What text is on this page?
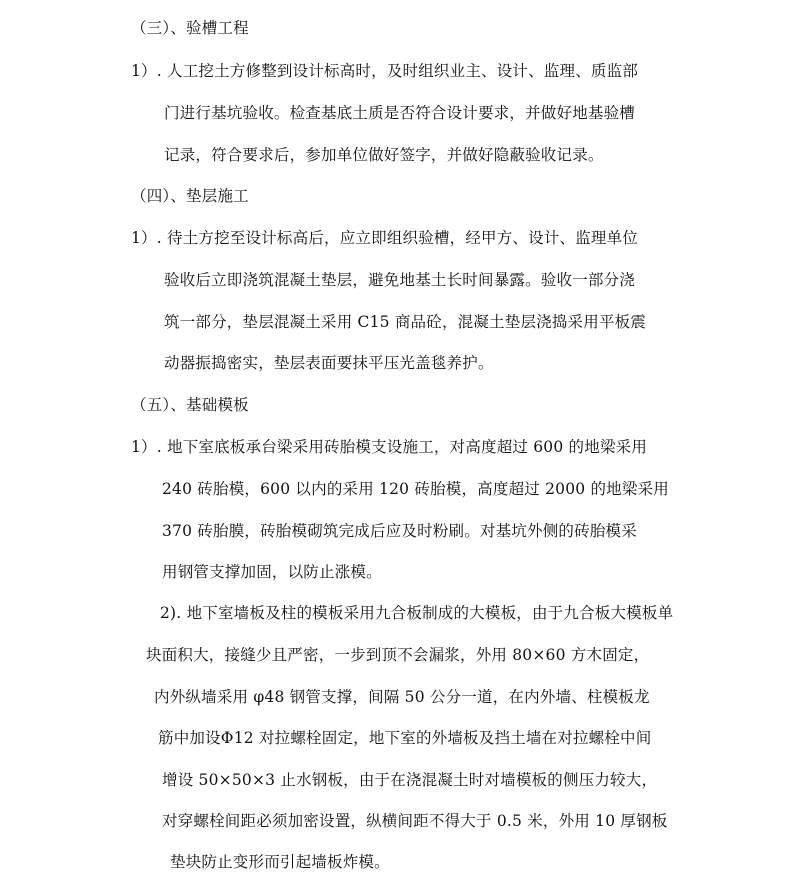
（三）、验槽工程
1）. 人工挖土方修整到设计标高时，及时组织业主、设计、监理、质监部
门进行基坑验收。检查基底土质是否符合设计要求，并做好地基验槽
记录，符合要求后，参加单位做好签字，并做好隐蔽验收记录。
（四）、垫层施工
1）. 待土方挖至设计标高后，应立即组织验槽，经甲方、设计、监理单位
验收后立即浇筑混凝土垫层，避免地基土长时间暴露。验收一部分浇
筑一部分，垫层混凝土采用 C15 商品砼，混凝土垫层浇捣采用平板震
动器振捣密实，垫层表面要抹平压光盖毯养护。
（五）、基础模板
1）. 地下室底板承台梁采用砖胎模支设施工，对高度超过 600 的地梁采用
240 砖胎模，600 以内的采用 120 砖胎模，高度超过 2000 的地梁采用
370 砖胎膜，砖胎模砌筑完成后应及时粉刷。对基坑外侧的砖胎模采
用钢管支撑加固，以防止涨模。
2). 地下室墙板及柱的模板采用九合板制成的大模板，由于九合板大模板单
块面积大，接缝少且严密，一步到顶不会漏浆，外用 80×60 方木固定，
内外纵墙采用 φ48 钢管支撑，间隔 50 公分一道，在内外墙、柱模板龙
筋中加设Φ12 对拉螺栓固定，地下室的外墙板及挡土墙在对拉螺栓中间
增设 50×50×3 止水钢板，由于在浇混凝土时对墙模板的侧压力较大，
对穿螺栓间距必须加密设置，纵横间距不得大于 0.5 米，外用 10 厚钢板
垫块防止变形而引起墙板炸模。
